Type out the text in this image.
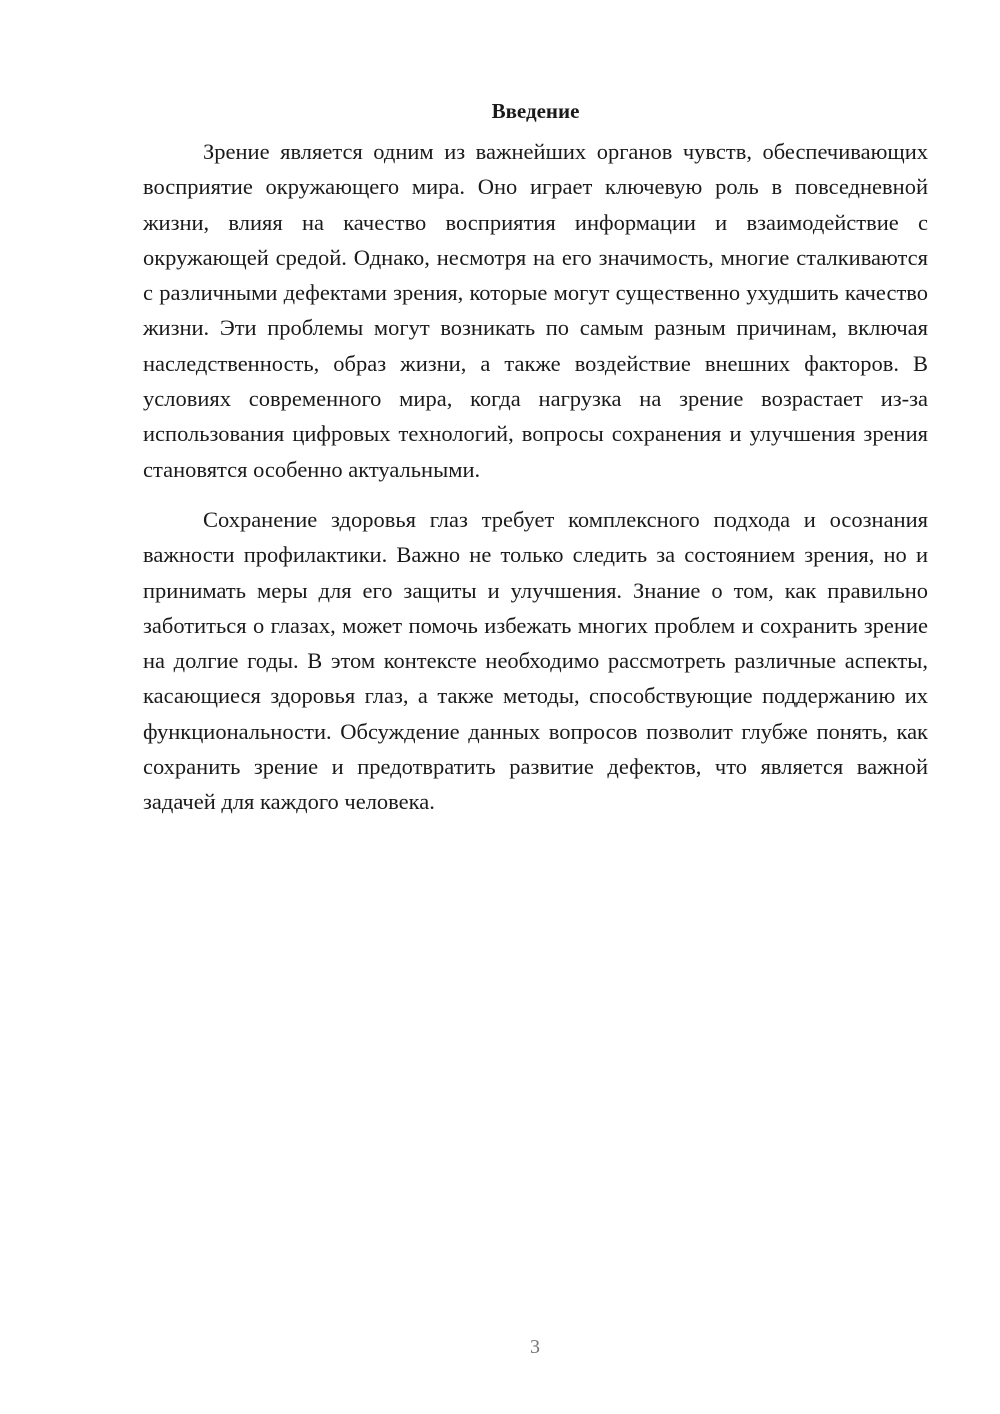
Введение

Зрение является одним из важнейших органов чувств, обеспечивающих восприятие окружающего мира. Оно играет ключевую роль в повседневной жизни, влияя на качество восприятия информации и взаимодействие с окружающей средой. Однако, несмотря на его значимость, многие сталкиваются с различными дефектами зрения, которые могут существенно ухудшить качество жизни. Эти проблемы могут возникать по самым разным причинам, включая наследственность, образ жизни, а также воздействие внешних факторов. В условиях современного мира, когда нагрузка на зрение возрастает из-за использования цифровых технологий, вопросы сохранения и улучшения зрения становятся особенно актуальными.

Сохранение здоровья глаз требует комплексного подхода и осознания важности профилактики. Важно не только следить за состоянием зрения, но и принимать меры для его защиты и улучшения. Знание о том, как правильно заботиться о глазах, может помочь избежать многих проблем и сохранить зрение на долгие годы. В этом контексте необходимо рассмотреть различные аспекты, касающиеся здоровья глаз, а также методы, способствующие поддержанию их функциональности. Обсуждение данных вопросов позволит глубже понять, как сохранить зрение и предотвратить развитие дефектов, что является важной задачей для каждого человека.

3
